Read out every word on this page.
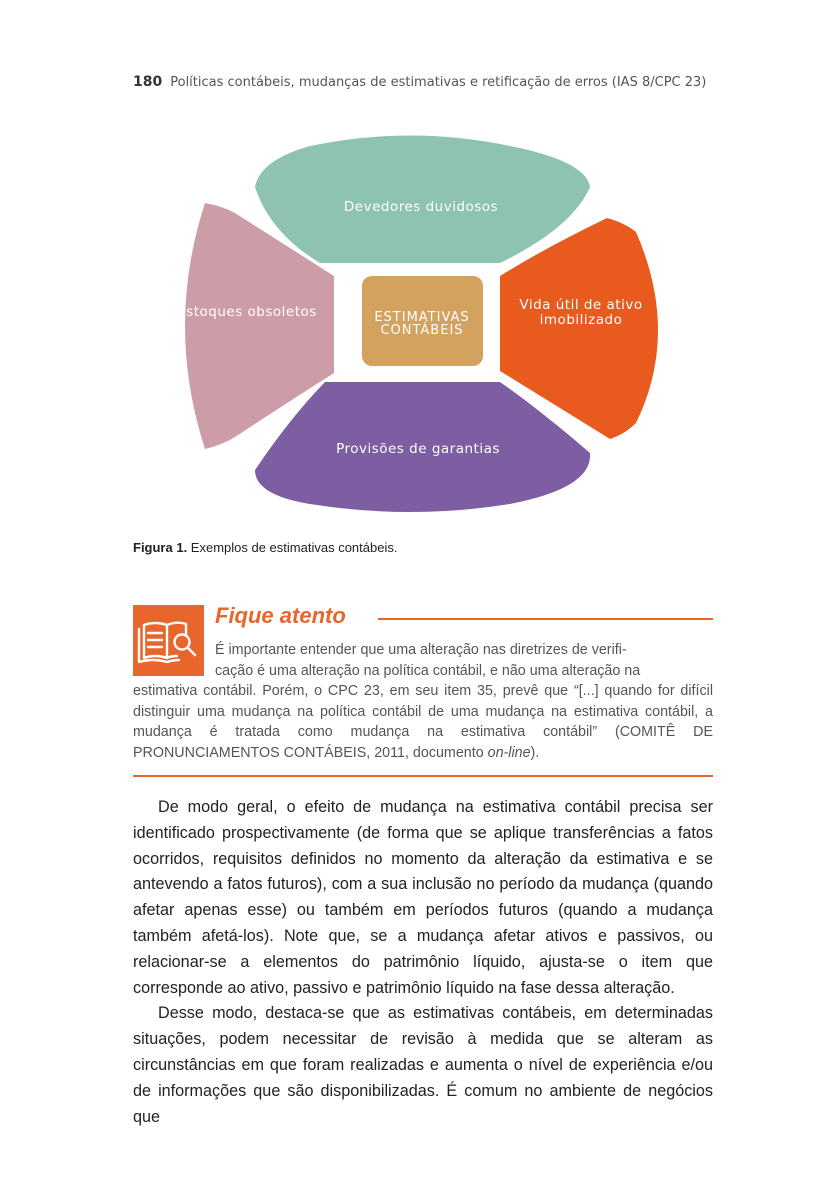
180 Políticas contábeis, mudanças de estimativas e retificação de erros (IAS 8/CPC 23)
Devedores duvidosos
Estoques obsoletos	Vida útil de ativo
imobilizado
Provisões de garantias
ESTIMATIVAS
CONTÁBEIS
Figura 1. Exemplos de estimativas contábeis.
Fique atento

É importante entender que uma alteração nas diretrizes de verifi-

cação é uma alteração na política contábil, e não uma alteração na

estimativa contábil. Porém, o CPC 23, em seu item 35, prevê que “[...] quando for difícil distinguir uma mudança na política contábil de uma mudança na estimativa contábil, a mudança é tratada como mudança na estimativa contábil” (COMITÊ DE PRONUNCIAMENTOS CONTÁBEIS, 2011, documento on-line).

De modo geral, o efeito de mudança na estimativa contábil precisa ser identificado prospectivamente (de forma que se aplique transferências a fatos ocorridos, requisitos definidos no momento da alteração da estimativa e se antevendo a fatos futuros), com a sua inclusão no período da mudança (quando afetar apenas esse) ou também em períodos futuros (quando a mudança também afetá-los). Note que, se a mudança afetar ativos e passivos, ou relacionar-se a elementos do patrimônio líquido, ajusta-se o item que corresponde ao ativo, passivo e patrimônio líquido na fase dessa alteração.

Desse modo, destaca-se que as estimativas contábeis, em determinadas situações, podem necessitar de revisão à medida que se alteram as circunstâncias em que foram realizadas e aumenta o nível de experiência e/ou de informações que são disponibilizadas. É comum no ambiente de negócios que
